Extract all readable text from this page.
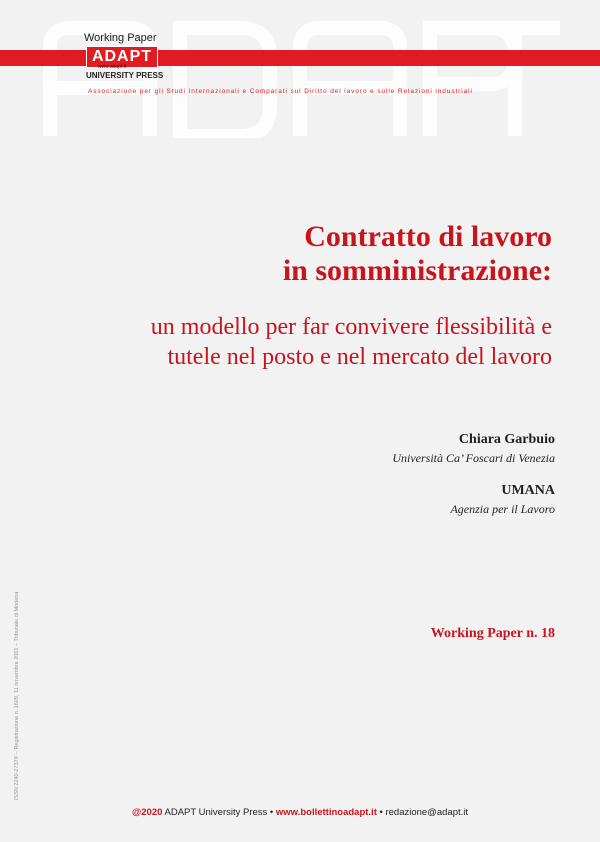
Working Paper
ADAPT
www.adapt.it
UNIVERSITY PRESS
Associazione per gli Studi Internazionali e Comparati sul Diritto del lavoro e sulle Relazioni industriali
Contratto di lavoro
in somministrazione:
un modello per far convivere flessibilità e
tutele nel posto e nel mercato del lavoro
Chiara Garbuio
Università Ca’ Foscari di Venezia
UMANA
Agenzia per il Lavoro
Working Paper n. 18
ISSN 2240-2737X – Registrazione n. 1609, 11 novembre 2001 – Tribunale di Modena
@2020 ADAPT University Press • www.bollettinoadapt.it • redazione@adapt.it
